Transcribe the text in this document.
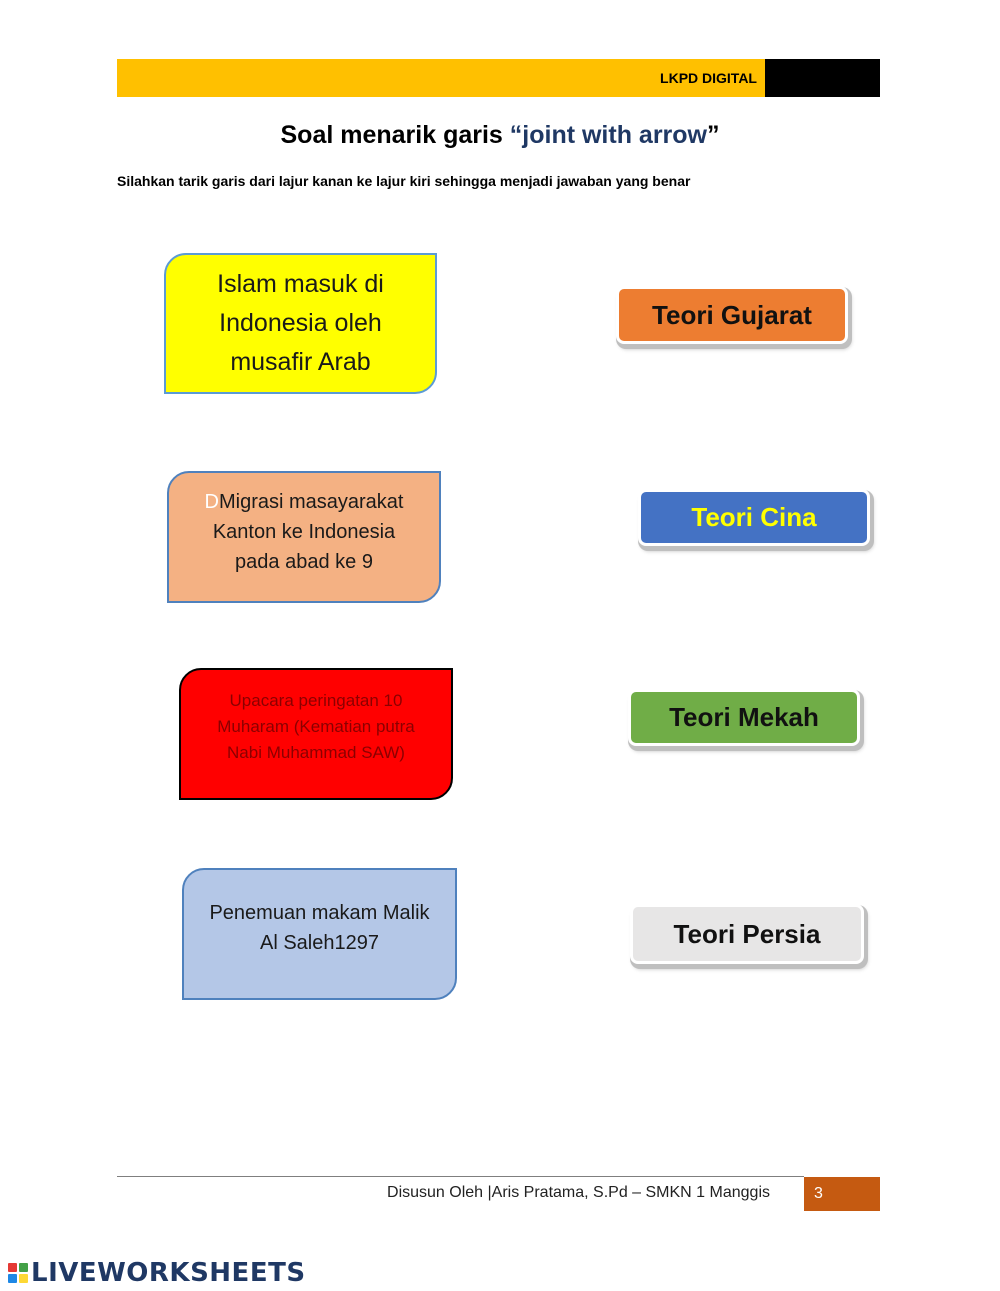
LKPD DIGITAL
Soal menarik garis “joint with arrow”
Silahkan tarik garis dari lajur kanan ke lajur kiri sehingga menjadi jawaban yang benar
Islam masuk di Indonesia oleh musafir Arab
DMigrasi masayarakat Kanton ke Indonesia pada abad ke 9
Upacara peringatan 10 Muharam (Kematian putra Nabi Muhammad SAW)
Penemuan makam Malik Al Saleh1297
Teori Gujarat
Teori Cina
Teori Mekah
Teori Persia
Disusun Oleh |Aris Pratama, S.Pd – SMKN 1 Manggis	3
LIVEWORKSHEETS
